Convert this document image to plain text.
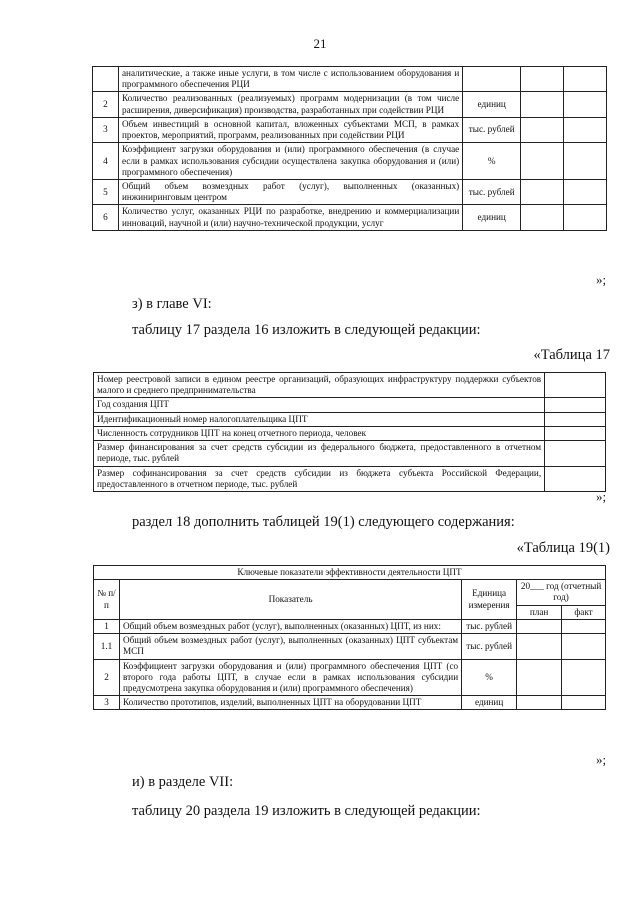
21
	аналитические, а также иные услуги, в том числе с использованием оборудования и программного обеспечения РЦИ			
2	Количество реализованных (реализуемых) программ модернизации (в том числе расширения, диверсификация) производства, разработанных при содействии РЦИ	единиц		
3	Объем инвестиций в основной капитал, вложенных субъектами МСП, в рамках проектов, мероприятий, программ, реализованных при содействии РЦИ	тыс. рублей		
4	Коэффициент загрузки оборудования и (или) программного обеспечения (в случае если в рамках использования субсидии осуществлена закупка оборудования и (или) программного обеспечения)	%		
5	Общий объем возмездных работ (услуг), выполненных (оказанных) инжиниринговым центром	тыс. рублей		
6	Количество услуг, оказанных РЦИ по разработке, внедрению и коммерциализации инноваций, научной и (или) научно-технической продукции, услуг	единиц		
»;
з) в главе VI:
таблицу 17 раздела 16 изложить в следующей редакции:
«Таблица 17
Номер реестровой записи в едином реестре организаций, образующих инфраструктуру поддержки субъектов малого и среднего предпринимательства	
Год создания ЦПТ	
Идентификационный номер налогоплательщика ЦПТ	
Численность сотрудников ЦПТ на конец отчетного периода, человек	
Размер финансирования за счет средств субсидии из федерального бюджета, предоставленного в отчетном периоде, тыс. рублей	
Размер софинансирования за счет средств субсидии из бюджета субъекта Российской Федерации, предоставленного в отчетном периоде, тыс. рублей	
»;
раздел 18 дополнить таблицей 19(1) следующего содержания:
«Таблица 19(1)
Ключевые показатели эффективности деятельности ЦПТ				
№ п/п	Показатель	Единица измерения	20___ год (отчетный год)	
			план	факт
1	Общий объем возмездных работ (услуг), выполненных (оказанных) ЦПТ, из них:	тыс. рублей		
1.1	Общий объем возмездных работ (услуг), выполненных (оказанных) ЦПТ субъектам МСП	тыс. рублей		
2	Коэффициент загрузки оборудования и (или) программного обеспечения ЦПТ (со второго года работы ЦПТ, в случае если в рамках использования субсидии предусмотрена закупка оборудования и (или) программного обеспечения)	%		
3	Количество прототипов, изделий, выполненных ЦПТ на оборудовании ЦПТ	единиц		
»;
и) в разделе VII:
таблицу 20 раздела 19 изложить в следующей редакции:
